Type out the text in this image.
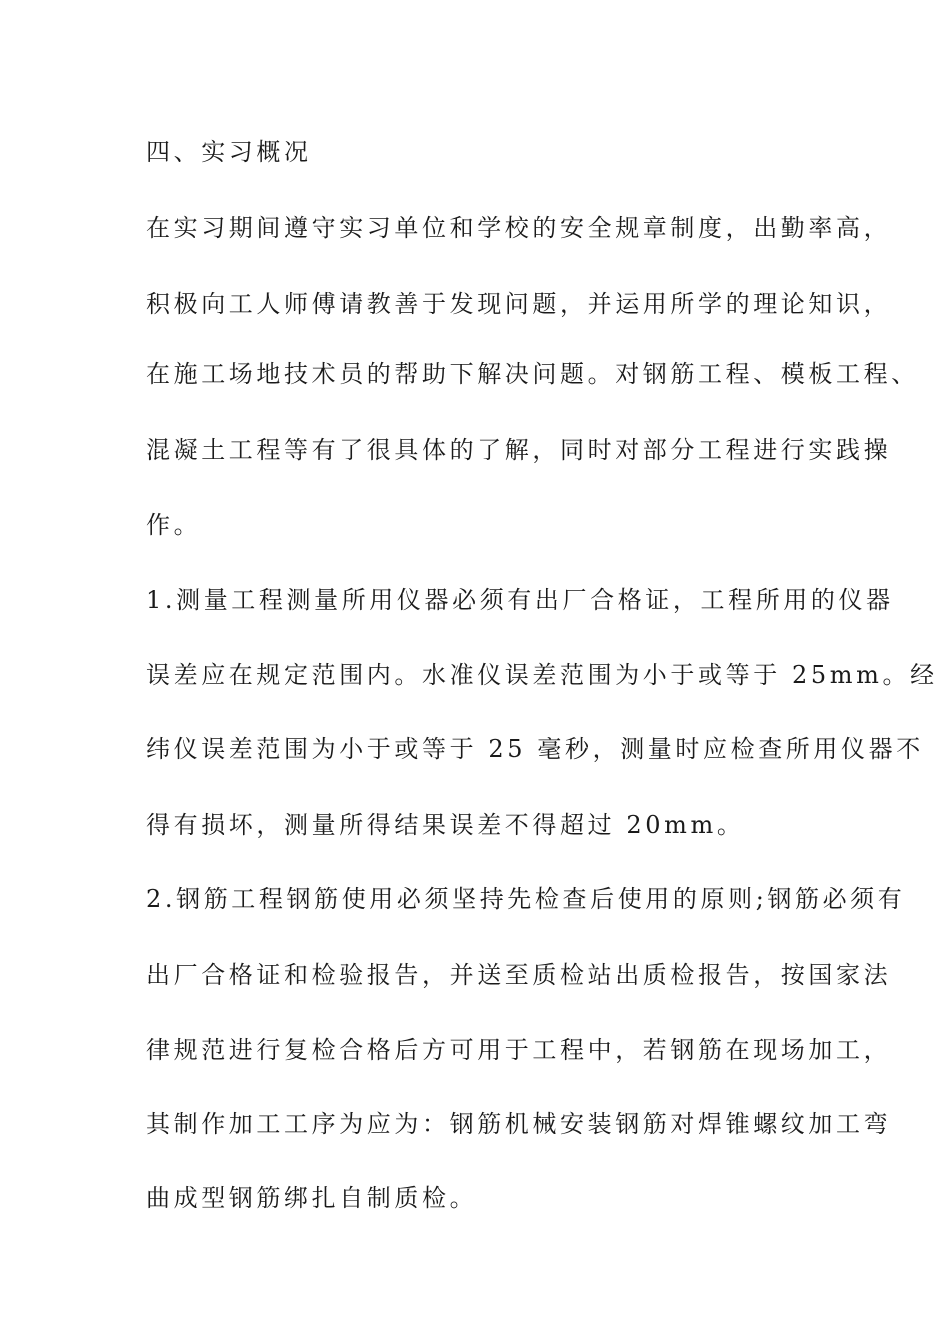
四、实习概况
在实习期间遵守实习单位和学校的安全规章制度，出勤率高，
积极向工人师傅请教善于发现问题，并运用所学的理论知识，
在施工场地技术员的帮助下解决问题。对钢筋工程、模板工程、
混凝土工程等有了很具体的了解，同时对部分工程进行实践操
作。
1.测量工程测量所用仪器必须有出厂合格证，工程所用的仪器
误差应在规定范围内。水准仪误差范围为小于或等于 25mm。经
纬仪误差范围为小于或等于 25 毫秒，测量时应检查所用仪器不
得有损坏，测量所得结果误差不得超过 20mm。
2.钢筋工程钢筋使用必须坚持先检查后使用的原则;钢筋必须有
出厂合格证和检验报告，并送至质检站出质检报告，按国家法
律规范进行复检合格后方可用于工程中，若钢筋在现场加工，
其制作加工工序为应为：钢筋机械安装钢筋对焊锥螺纹加工弯
曲成型钢筋绑扎自制质检。
